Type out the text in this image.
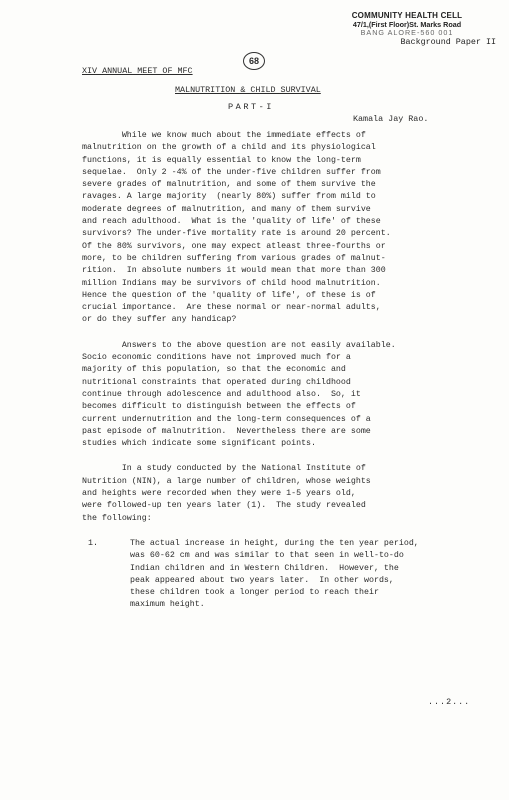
COMMUNITY HEALTH CELL
47/1,(First Floor)St. Marks Road
BANG ALORE-560 001
Background Paper II
68
XIV ANNUAL MEET OF MFC
MALNUTRITION & CHILD SURVIVAL
PART-I
Kamala Jay Rao.
While we know much about the immediate effects of
malnutrition on the growth of a child and its physiological
functions, it is equally essential to know the long-term
sequelae.  Only 2 -4% of the under-five children suffer from
severe grades of malnutrition, and some of them survive the
ravages. A large majority  (nearly 80%) suffer from mild to
moderate degrees of malnutrition, and many of them survive
and reach adulthood.  What is the 'quality of life' of these
survivors? The under-five mortality rate is around 20 percent.
Of the 80% survivors, one may expect atleast three-fourths or
more, to be children suffering from various grades of malnut-
rition.  In absolute numbers it would mean that more than 300
million Indians may be survivors of child hood malnutrition.
Hence the question of the 'quality of life', of these is of
crucial importance.  Are these normal or near-normal adults,
or do they suffer any handicap?
Answers to the above question are not easily available.
Socio economic conditions have not improved much for a
majority of this population, so that the economic and
nutritional constraints that operated during childhood
continue through adolescence and adulthood also.  So, it
becomes difficult to distinguish between the effects of
current undernutrition and the long-term consequences of a
past episode of malnutrition.  Nevertheless there are some
studies which indicate some significant points.
In a study conducted by the National Institute of
Nutrition (NIN), a large number of children, whose weights
and heights were recorded when they were 1-5 years old,
were followed-up ten years later (1).  The study revealed
the following:
1.	The actual increase in height, during the ten year period,
was 60-62 cm and was similar to that seen in well-to-do
Indian children and in Western Children.  However, the
peak appeared about two years later.  In other words,
these children took a longer period to reach their
maximum height.
...2...
